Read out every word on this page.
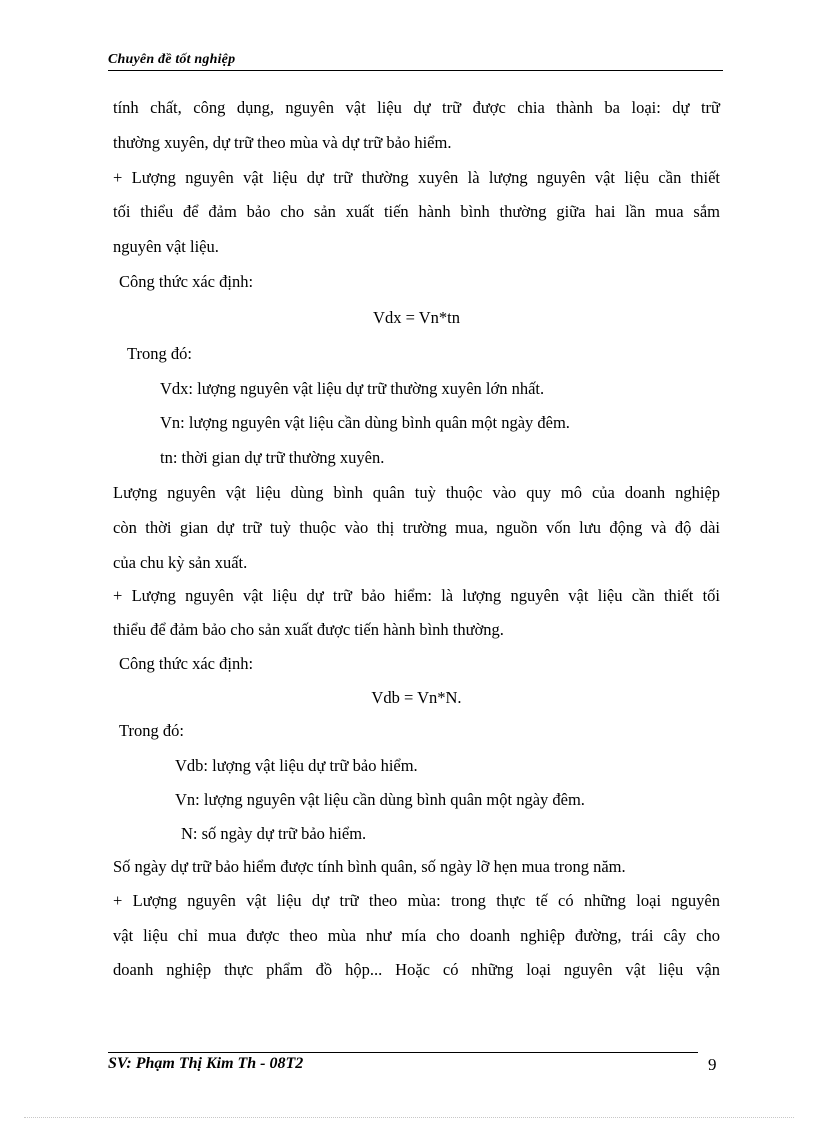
Chuyên đề tốt nghiệp
tính chất, công dụng, nguyên vật liệu dự trữ được chia thành ba loại: dự trữ
thường xuyên, dự trữ theo mùa và dự trữ bảo hiểm.
+ Lượng nguyên vật liệu dự trữ thường xuyên là lượng nguyên vật liệu cần thiết
tối thiểu để đảm bảo cho sản xuất tiến hành bình thường giữa hai lần mua sắm
nguyên vật liệu.
Công thức xác định:
Vdx = Vn*tn
Trong đó:
Vdx: lượng nguyên vật liệu dự trữ thường xuyên lớn nhất.
Vn: lượng nguyên vật liệu cần dùng bình quân một ngày đêm.
tn: thời gian dự trữ thường xuyên.
Lượng nguyên vật liệu dùng bình quân tuỳ thuộc vào quy mô của doanh nghiệp
còn thời gian dự trữ tuỳ thuộc vào thị trường mua, nguồn vốn lưu động và độ dài
của chu kỳ sản xuất.
+ Lượng nguyên vật liệu dự trữ bảo hiểm: là lượng nguyên vật liệu cần thiết tối
thiểu để đảm bảo cho sản xuất được tiến hành bình thường.
Công thức xác định:
Vdb = Vn*N.
Trong đó:
Vdb: lượng vật liệu dự trữ bảo hiểm.
Vn: lượng nguyên vật liệu cần dùng bình quân một ngày đêm.
N: số ngày dự trữ bảo hiểm.
Số ngày dự trữ bảo hiểm được tính bình quân, số ngày lỡ hẹn mua trong năm.
+ Lượng nguyên vật liệu dự trữ theo mùa: trong thực tế có những loại nguyên
vật liệu chỉ mua được theo mùa như mía cho doanh nghiệp đường, trái cây cho
doanh nghiệp thực phẩm đồ hộp... Hoặc có những loại nguyên vật liệu vận
SV: Phạm Thị Kim Th - 08T2	9
